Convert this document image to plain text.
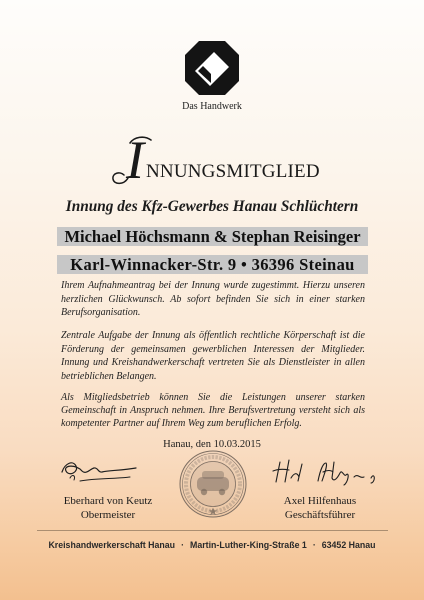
Das Handwerk
I NNUNGSMITGLIED
Innung des Kfz-Gewerbes Hanau Schlüchtern
Michael Höchsmann & Stephan Reisinger
Karl-Winnacker-Str. 9 • 36396 Steinau
Ihrem Aufnahmeantrag bei der Innung wurde zugestimmt. Hierzu unseren
herzlichen Glückwunsch. Ab sofort befinden Sie sich in einer starken
Berufsorganisation.
Zentrale Aufgabe der Innung als öffentlich rechtliche Körperschaft ist die
Förderung der gemeinsamen gewerblichen Interessen der Mitglieder.
Innung und Kreishandwerkerschaft vertreten Sie als Dienstleister in allen
betrieblichen Belangen.
Als Mitgliedsbetrieb können Sie die Leistungen unserer starken
Gemeinschaft in Anspruch nehmen. Ihre Berufsvertretung versteht sich als
kompetenter Partner auf Ihrem Weg zum beruflichen Erfolg.
Hanau, den 10.03.2015
Eberhard von Keutz
Obermeister
Axel Hilfenhaus
Geschäftsführer
Kreishandwerkerschaft Hanau · Martin-Luther-King-Straße 1 · 63452 Hanau
